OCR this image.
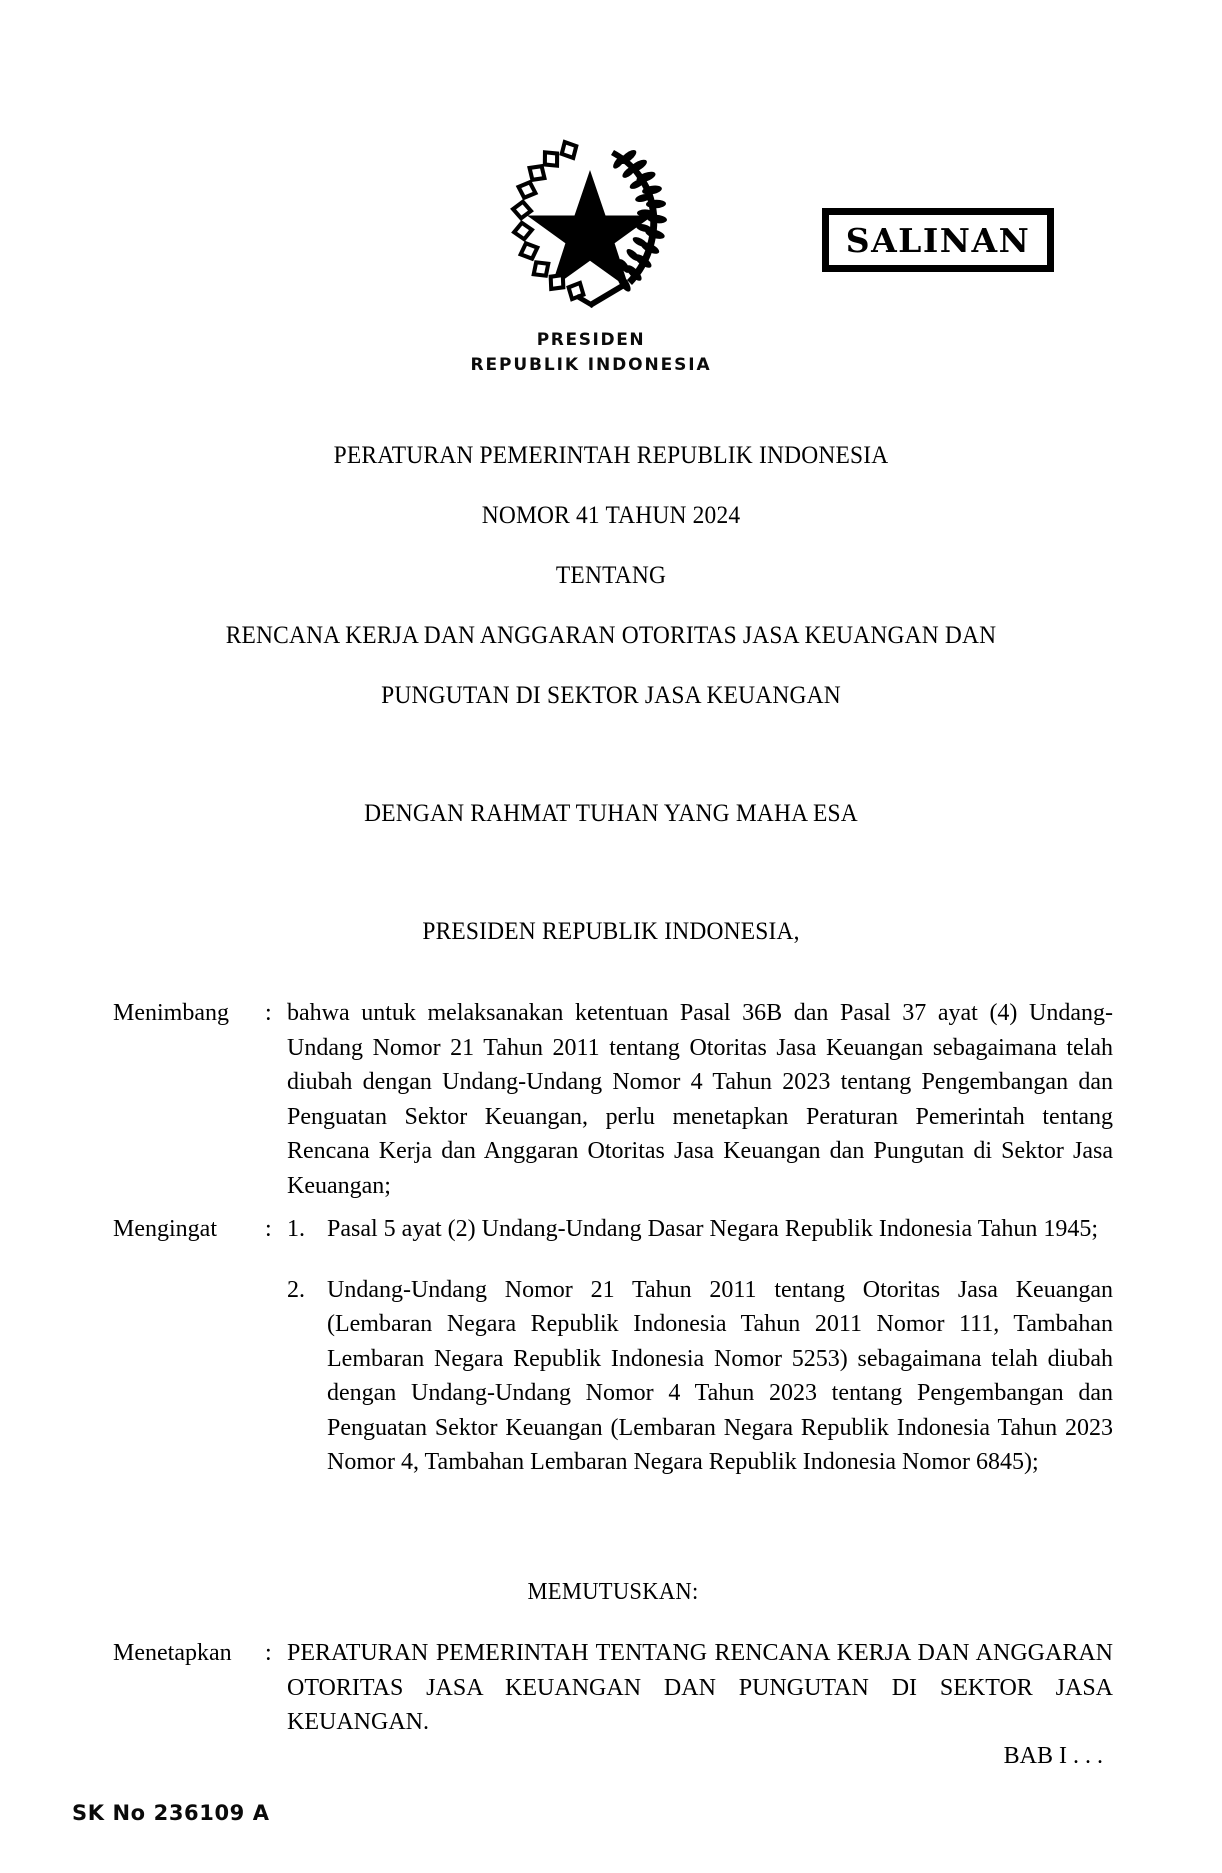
PRESIDEN
REPUBLIK INDONESIA
SALINAN
PERATURAN PEMERINTAH REPUBLIK INDONESIA
NOMOR 41 TAHUN 2024
TENTANG
RENCANA KERJA DAN ANGGARAN OTORITAS JASA KEUANGAN DAN
PUNGUTAN DI SEKTOR JASA KEUANGAN
DENGAN RAHMAT TUHAN YANG MAHA ESA
PRESIDEN REPUBLIK INDONESIA,
Menimbang	: bahwa untuk melaksanakan ketentuan Pasal 36B dan Pasal 37 ayat (4) Undang-Undang Nomor 21 Tahun 2011 tentang Otoritas Jasa Keuangan sebagaimana telah diubah dengan Undang-Undang Nomor 4 Tahun 2023 tentang Pengembangan dan Penguatan Sektor Keuangan, perlu menetapkan Peraturan Pemerintah tentang Rencana Kerja dan Anggaran Otoritas Jasa Keuangan dan Pungutan di Sektor Jasa Keuangan;
Mengingat	: 1. Pasal 5 ayat (2) Undang-Undang Dasar Negara Republik Indonesia Tahun 1945;
2. Undang-Undang Nomor 21 Tahun 2011 tentang Otoritas Jasa Keuangan (Lembaran Negara Republik Indonesia Tahun 2011 Nomor 111, Tambahan Lembaran Negara Republik Indonesia Nomor 5253) sebagaimana telah diubah dengan Undang-Undang Nomor 4 Tahun 2023 tentang Pengembangan dan Penguatan Sektor Keuangan (Lembaran Negara Republik Indonesia Tahun 2023 Nomor 4, Tambahan Lembaran Negara Republik Indonesia Nomor 6845);
MEMUTUSKAN:
Menetapkan	: PERATURAN PEMERINTAH TENTANG RENCANA KERJA DAN ANGGARAN OTORITAS JASA KEUANGAN DAN PUNGUTAN DI SEKTOR JASA KEUANGAN.
BAB I . . .
SK No 236109 A
